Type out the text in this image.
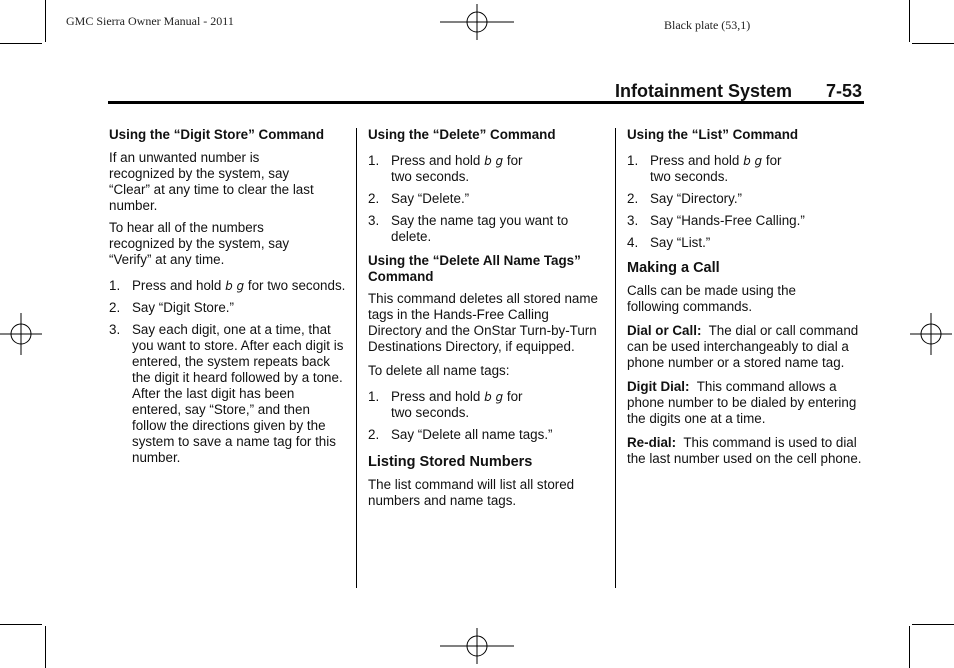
GMC Sierra Owner Manual - 2011	Black plate (53,1)
Infotainment System 7-53
Using the “Digit Store” Command
If an unwanted number is recognized by the system, say “Clear” at any time to clear the last number.
To hear all of the numbers recognized by the system, say “Verify” at any time.
1. Press and hold b g for two seconds.
2. Say “Digit Store.”
3. Say each digit, one at a time, that you want to store. After each digit is entered, the system repeats back the digit it heard followed by a tone. After the last digit has been entered, say “Store,” and then follow the directions given by the system to save a name tag for this number.
Using the “Delete” Command
1. Press and hold b g for two seconds.
2. Say “Delete.”
3. Say the name tag you want to delete.
Using the “Delete All Name Tags” Command
This command deletes all stored name tags in the Hands-Free Calling Directory and the OnStar Turn-by-Turn Destinations Directory, if equipped.
To delete all name tags:
1. Press and hold b g for two seconds.
2. Say “Delete all name tags.”
Listing Stored Numbers
The list command will list all stored numbers and name tags.
Using the “List” Command
1. Press and hold b g for two seconds.
2. Say “Directory.”
3. Say “Hands-Free Calling.”
4. Say “List.”
Making a Call
Calls can be made using the following commands.
Dial or Call: The dial or call command can be used interchangeably to dial a phone number or a stored name tag.
Digit Dial: This command allows a phone number to be dialed by entering the digits one at a time.
Re-dial: This command is used to dial the last number used on the cell phone.
